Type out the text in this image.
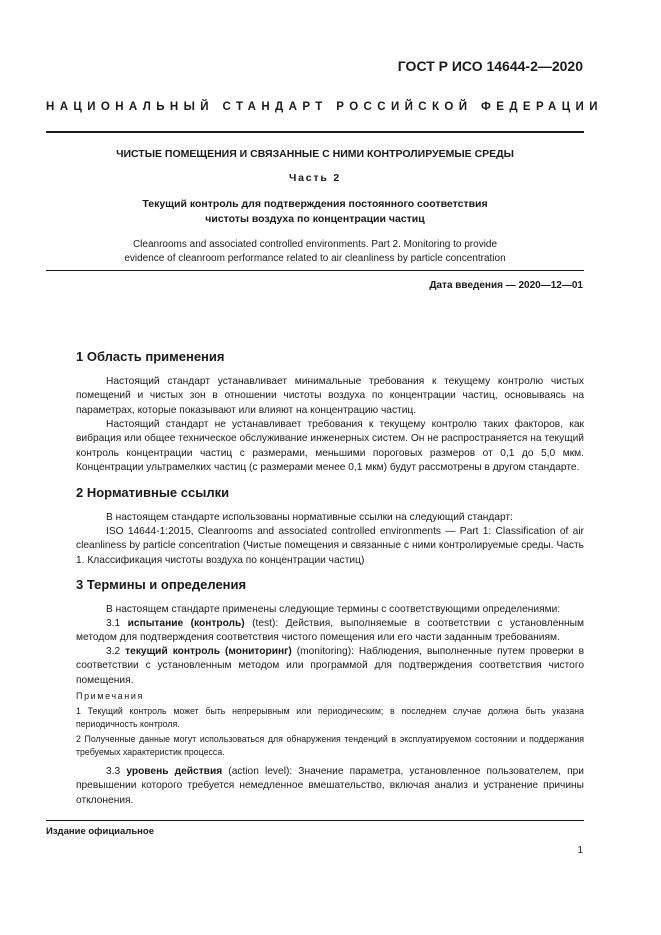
ГОСТ Р ИСО 14644-2—2020
НАЦИОНАЛЬНЫЙ СТАНДАРТ РОССИЙСКОЙ ФЕДЕРАЦИИ
ЧИСТЫЕ ПОМЕЩЕНИЯ И СВЯЗАННЫЕ С НИМИ КОНТРОЛИРУЕМЫЕ СРЕДЫ
Часть 2
Текущий контроль для подтверждения постоянного соответствия
чистоты воздуха по концентрации частиц
Cleanrooms and associated controlled environments. Part 2. Monitoring to provide
evidence of cleanroom performance related to air cleanliness by particle concentration
Дата введения — 2020—12—01
1 Область применения
Настоящий стандарт устанавливает минимальные требования к текущему контролю чистых помещений и чистых зон в отношении чистоты воздуха по концентрации частиц, основываясь на параметрах, которые показывают или влияют на концентрацию частиц.
Настоящий стандарт не устанавливает требования к текущему контролю таких факторов, как вибрация или общее техническое обслуживание инженерных систем. Он не распространяется на текущий контроль концентрации частиц с размерами, меньшими пороговых размеров от 0,1 до 5,0 мкм. Концентрации ультрамелких частиц (с размерами менее 0,1 мкм) будут рассмотрены в другом стандарте.
2 Нормативные ссылки
В настоящем стандарте использованы нормативные ссылки на следующий стандарт:
ISO 14644-1:2015, Cleanrooms and associated controlled environments — Part 1: Classification of air cleanliness by particle concentration (Чистые помещения и связанные с ними контролируемые среды. Часть 1. Классификация чистоты воздуха по концентрации частиц)
3 Термины и определения
В настоящем стандарте применены следующие термины с соответствующими определениями:
3.1 испытание (контроль) (test): Действия, выполняемые в соответствии с установленным методом для подтверждения соответствия чистого помещения или его части заданным требованиям.
3.2 текущий контроль (мониторинг) (monitoring): Наблюдения, выполненные путем проверки в соответствии с установленным методом или программой для подтверждения соответствия чистого помещения.
Примечания
1 Текущий контроль может быть непрерывным или периодическим; в последнем случае должна быть указана периодичность контроля.
2 Полученные данные могут использоваться для обнаружения тенденций в эксплуатируемом состоянии и поддержания требуемых характеристик процесса.
3.3 уровень действия (action level): Значение параметра, установленное пользователем, при превышении которого требуется немедленное вмешательство, включая анализ и устранение причины отклонения.
Издание официальное
1
